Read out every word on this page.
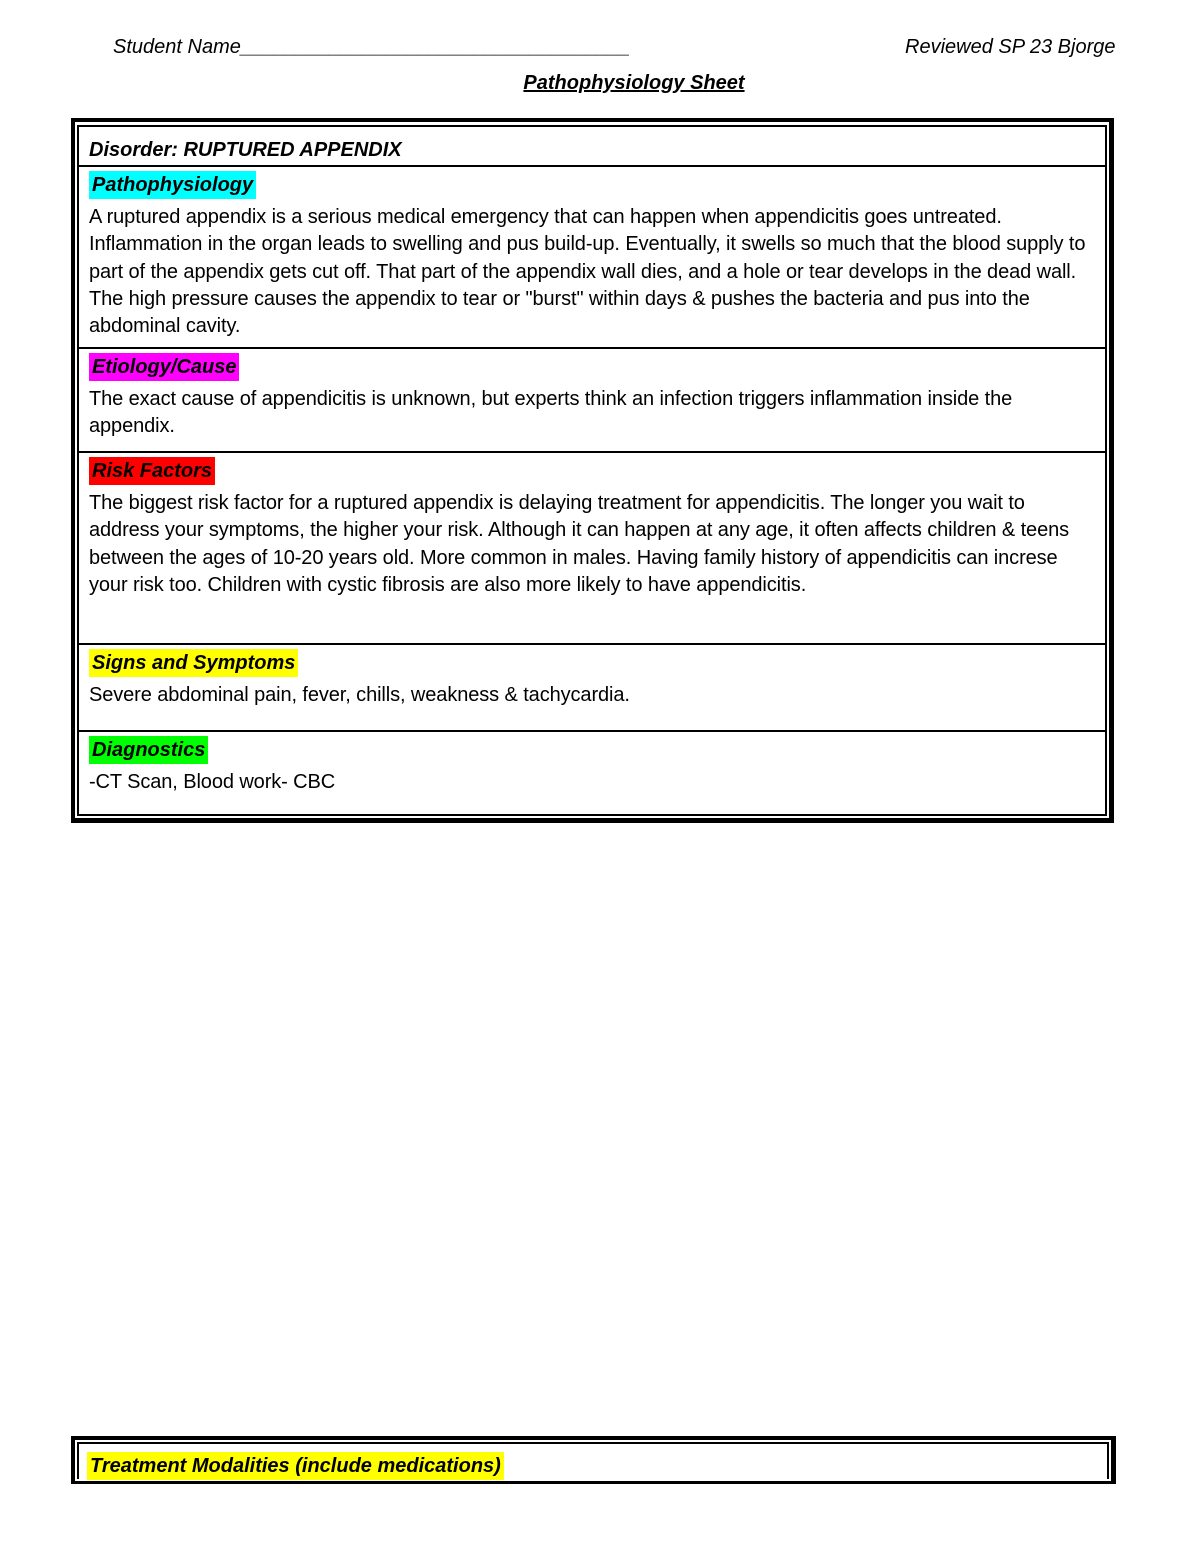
Student Name___________________________________	Reviewed SP 23 Bjorge
Pathophysiology Sheet
Disorder: RUPTURED APPENDIX
Pathophysiology
A ruptured appendix is a serious medical emergency that can happen when appendicitis goes untreated. Inflammation in the organ leads to swelling and pus build-up. Eventually, it swells so much that the blood supply to part of the appendix gets cut off. That part of the appendix wall dies, and a hole or tear develops in the dead wall. The high pressure causes the appendix to tear or "burst" within days & pushes the bacteria and pus into the abdominal cavity.
Etiology/Cause
The exact cause of appendicitis is unknown, but experts think an infection triggers inflammation inside the appendix.
Risk Factors
The biggest risk factor for a ruptured appendix is delaying treatment for appendicitis. The longer you wait to address your symptoms, the higher your risk. Although it can happen at any age, it often affects children & teens between the ages of 10-20 years old. More common in males. Having family history of appendicitis can increse your risk too. Children with cystic fibrosis are also more likely to have appendicitis.
Signs and Symptoms
Severe abdominal pain, fever, chills, weakness & tachycardia.
Diagnostics
-CT Scan, Blood work- CBC
Treatment Modalities (include medications)
